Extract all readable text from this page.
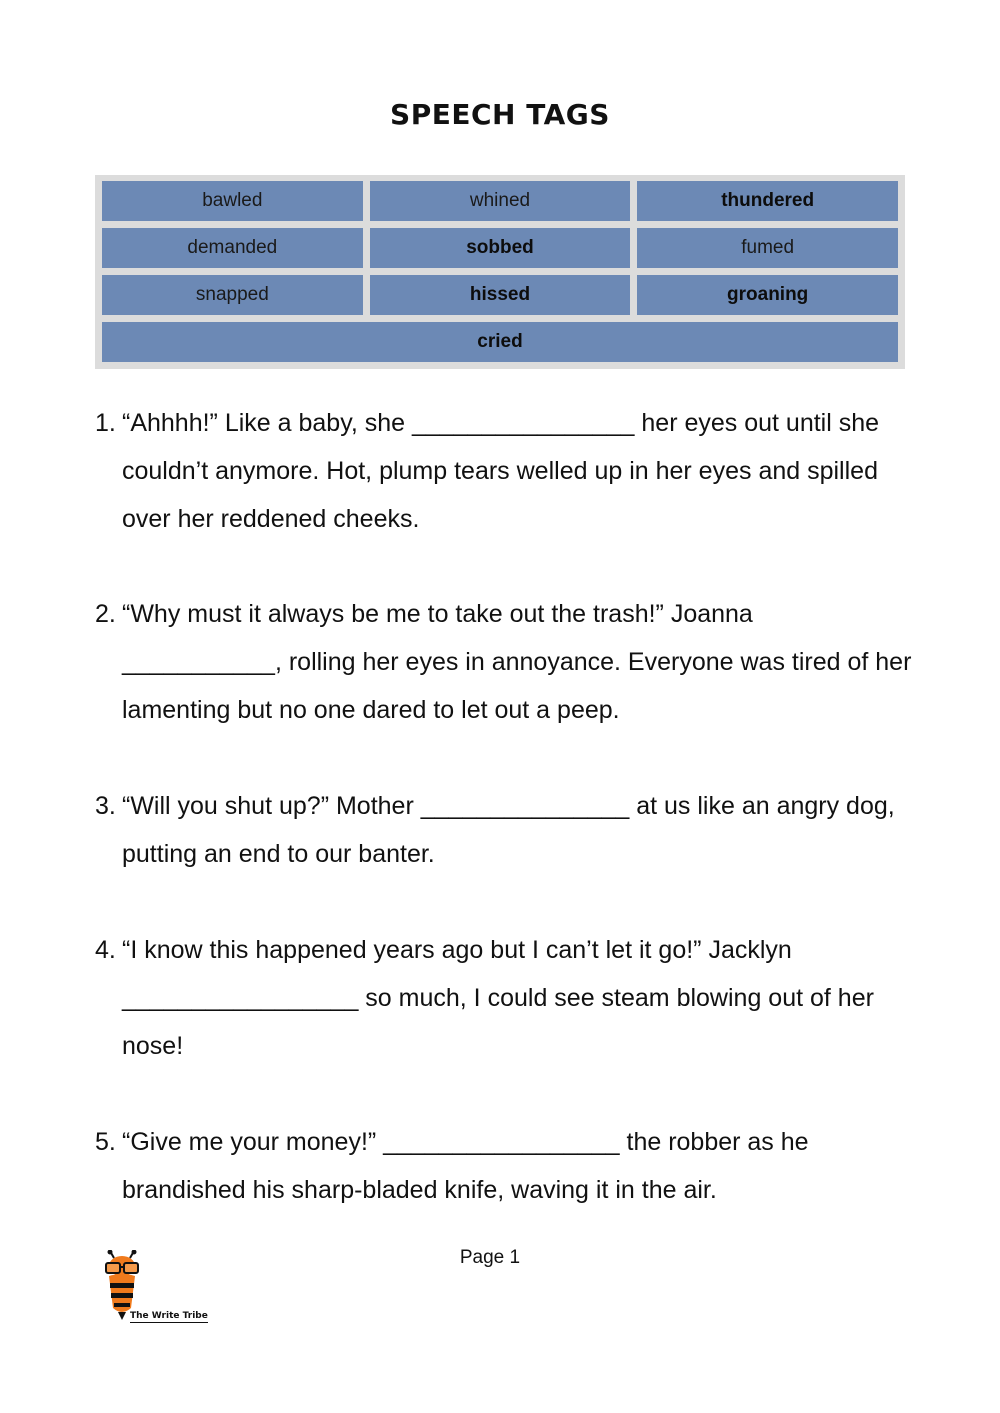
SPEECH TAGS
bawled	whined	thundered
demanded	sobbed	fumed
snapped	hissed	groaning
cried
1. “Ahhhh!” Like a baby, she ________________ her eyes out until she couldn’t anymore. Hot, plump tears welled up in her eyes and spilled over her reddened cheeks.
2. “Why must it always be me to take out the trash!” Joanna ___________, rolling her eyes in annoyance. Everyone was tired of her lamenting but no one dared to let out a peep.
3. “Will you shut up?” Mother _______________ at us like an angry dog, putting an end to our banter.
4. “I know this happened years ago but I can’t let it go!” Jacklyn _________________ so much, I could see steam blowing out of her nose!
5. “Give me your money!” _________________ the robber as he brandished his sharp-bladed knife, waving it in the air.
Page 1
The Write Tribe
